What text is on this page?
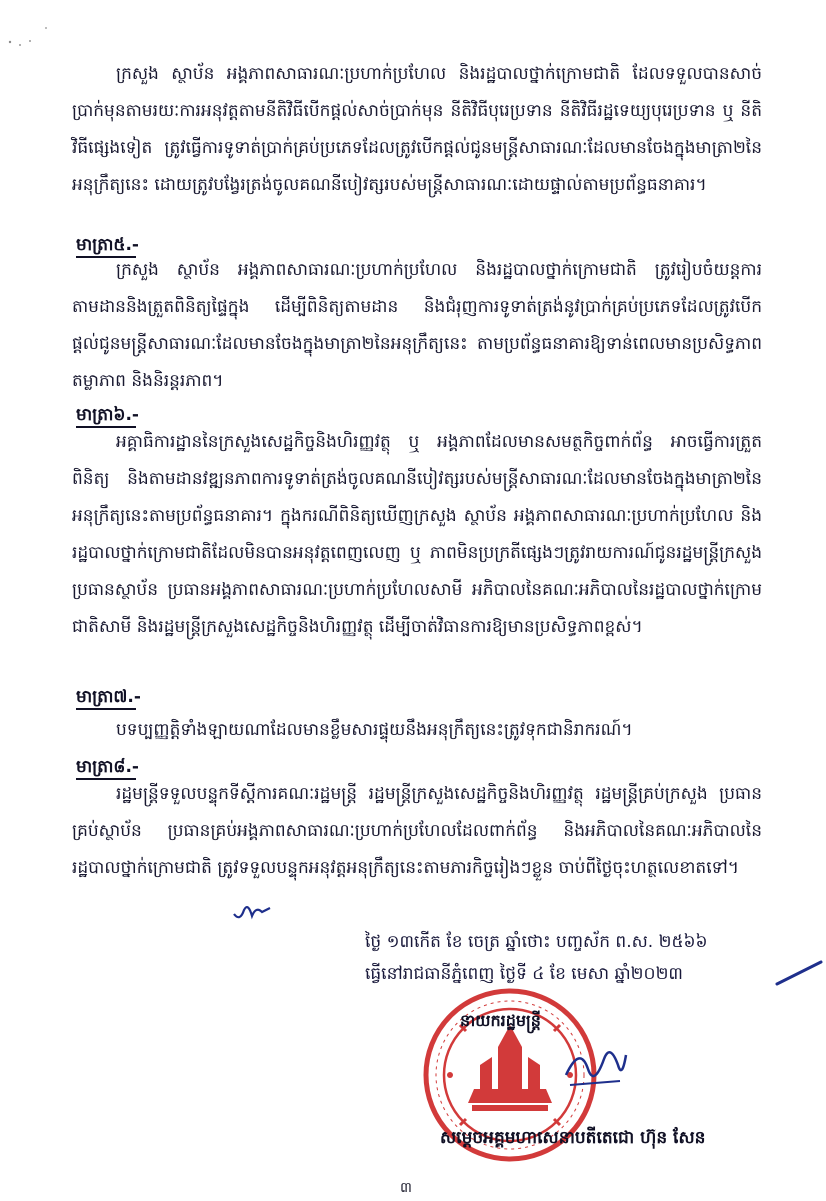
ក្រសួង ស្ថាប័ន អង្គភាពសាធារណៈប្រហាក់ប្រហែល និងរដ្ឋបាលថ្នាក់ក្រោមជាតិ ដែលទទួលបានសាច់ប្រាក់មុនតាមរយៈការអនុវត្តតាមនីតិវិធីបើកផ្តល់សាច់ប្រាក់មុន នីតិវិធីបុរេប្រទាន នីតិវិធីរដ្ឋទេយ្យបុរេប្រទាន ឬ នីតិវិធីផ្សេងទៀត ត្រូវធ្វើការទូទាត់ប្រាក់គ្រប់ប្រភេទដែលត្រូវបើកផ្តល់ជូនមន្ត្រីសាធារណៈដែលមានចែងក្នុងមាត្រា២នៃអនុក្រឹត្យនេះ ដោយត្រូវបង្វែរត្រង់ចូលគណនីបៀវត្សរបស់មន្ត្រីសាធារណៈដោយផ្ទាល់តាមប្រព័ន្ធធនាគារ។

មាត្រា៥.-

ក្រសួង ស្ថាប័ន អង្គភាពសាធារណៈប្រហាក់ប្រហែល និងរដ្ឋបាលថ្នាក់ក្រោមជាតិ ត្រូវរៀបចំយន្តការតាមដាននិងត្រួតពិនិត្យផ្ទៃក្នុង ដើម្បីពិនិត្យតាមដាន និងជំរុញការទូទាត់ត្រង់នូវប្រាក់គ្រប់ប្រភេទដែលត្រូវបើកផ្តល់ជូនមន្ត្រីសាធារណៈដែលមានចែងក្នុងមាត្រា២នៃអនុក្រឹត្យនេះ តាមប្រព័ន្ធធនាគារឱ្យទាន់ពេលមានប្រសិទ្ធភាព តម្លាភាព និងនិរន្តរភាព។

មាត្រា៦.-

អគ្គាធិការដ្ឋាននៃក្រសួងសេដ្ឋកិច្ចនិងហិរញ្ញវត្ថុ ឬ អង្គភាពដែលមានសមត្ថកិច្ចពាក់ព័ន្ធ អាចធ្វើការត្រួតពិនិត្យ និងតាមដានវឌ្ឍនភាពការទូទាត់ត្រង់ចូលគណនីបៀវត្សរបស់មន្ត្រីសាធារណៈដែលមានចែងក្នុងមាត្រា២នៃអនុក្រឹត្យនេះតាមប្រព័ន្ធធនាគារ។ ក្នុងករណីពិនិត្យឃើញក្រសួង ស្ថាប័ន អង្គភាពសាធារណៈប្រហាក់ប្រហែល និងរដ្ឋបាលថ្នាក់ក្រោមជាតិដែលមិនបានអនុវត្តពេញលេញ ឬ ភាពមិនប្រក្រតីផ្សេងៗត្រូវរាយការណ៍ជូនរដ្ឋមន្ត្រីក្រសួង ប្រធានស្ថាប័ន ប្រធានអង្គភាពសាធារណៈប្រហាក់ប្រហែលសាមី អភិបាលនៃគណៈអភិបាលនៃរដ្ឋបាលថ្នាក់ក្រោមជាតិសាមី និងរដ្ឋមន្ត្រីក្រសួងសេដ្ឋកិច្ចនិងហិរញ្ញវត្ថុ ដើម្បីចាត់វិធានការឱ្យមានប្រសិទ្ធភាពខ្ពស់។

មាត្រា៧.-

បទប្បញ្ញត្តិទាំងឡាយណាដែលមានខ្លឹមសារផ្ទុយនឹងអនុក្រឹត្យនេះត្រូវទុកជានិរាករណ៍។

មាត្រា៨.-

រដ្ឋមន្ត្រីទទួលបន្ទុកទីស្តីការគណៈរដ្ឋមន្ត្រី រដ្ឋមន្ត្រីក្រសួងសេដ្ឋកិច្ចនិងហិរញ្ញវត្ថុ រដ្ឋមន្ត្រីគ្រប់ក្រសួង ប្រធានគ្រប់ស្ថាប័ន ប្រធានគ្រប់អង្គភាពសាធារណៈប្រហាក់ប្រហែលដែលពាក់ព័ន្ធ និងអភិបាលនៃគណៈអភិបាលនៃរដ្ឋបាលថ្នាក់ក្រោមជាតិ ត្រូវទទួលបន្ទុកអនុវត្តអនុក្រឹត្យនេះតាមភារកិច្ចរៀងៗខ្លួន ចាប់ពីថ្ងៃចុះហត្ថលេខាតទៅ។

ថ្ងៃ ១៣កើត ខែ ចេត្រ ឆ្នាំថោះ បញ្ចស័ក ព.ស. ២៥៦៦
ធ្វើនៅរាជធានីភ្នំពេញ ថ្ងៃទី ៤ ខែ មេសា ឆ្នាំ២០២៣
នាយករដ្ឋមន្ត្រី
សម្តេចអគ្គមហាសេនាបតីតេជោ ហ៊ុន សែន
៣
